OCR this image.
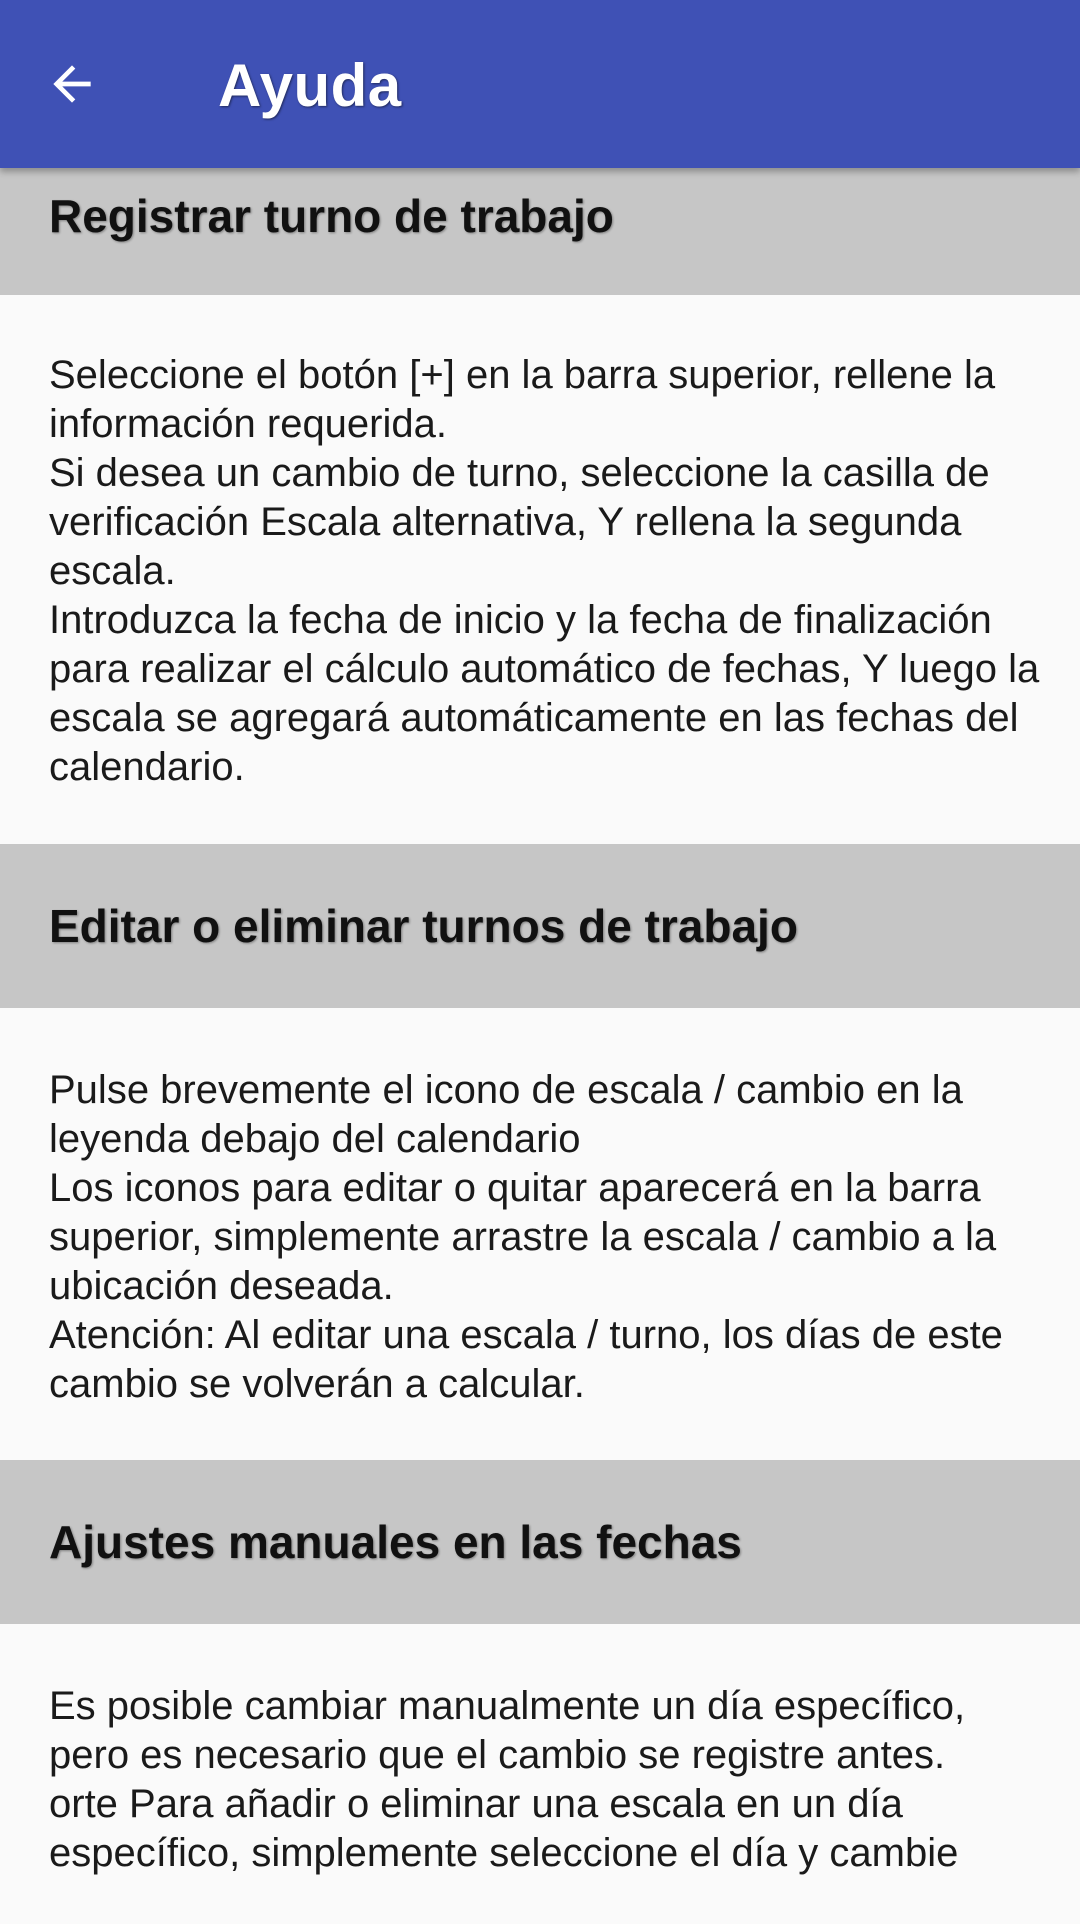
Ayuda
Registrar turno de trabajo

Seleccione el botón [+] en la barra superior, rellene la información requerida.
Si desea un cambio de turno, seleccione la casilla de verificación Escala alternativa, Y rellena la segunda escala.
Introduzca la fecha de inicio y la fecha de finalización para realizar el cálculo automático de fechas, Y luego la escala se agregará automáticamente en las fechas del calendario.

Editar o eliminar turnos de trabajo

Pulse brevemente el icono de escala / cambio en la leyenda debajo del calendario
Los iconos para editar o quitar aparecerá en la barra superior, simplemente arrastre la escala / cambio a la ubicación deseada.
Atención: Al editar una escala / turno, los días de este cambio se volverán a calcular.

Ajustes manuales en las fechas

Es posible cambiar manualmente un día específico, pero es necesario que el cambio se registre antes.
orte Para añadir o eliminar una escala en un día específico, simplemente seleccione el día y cambie
